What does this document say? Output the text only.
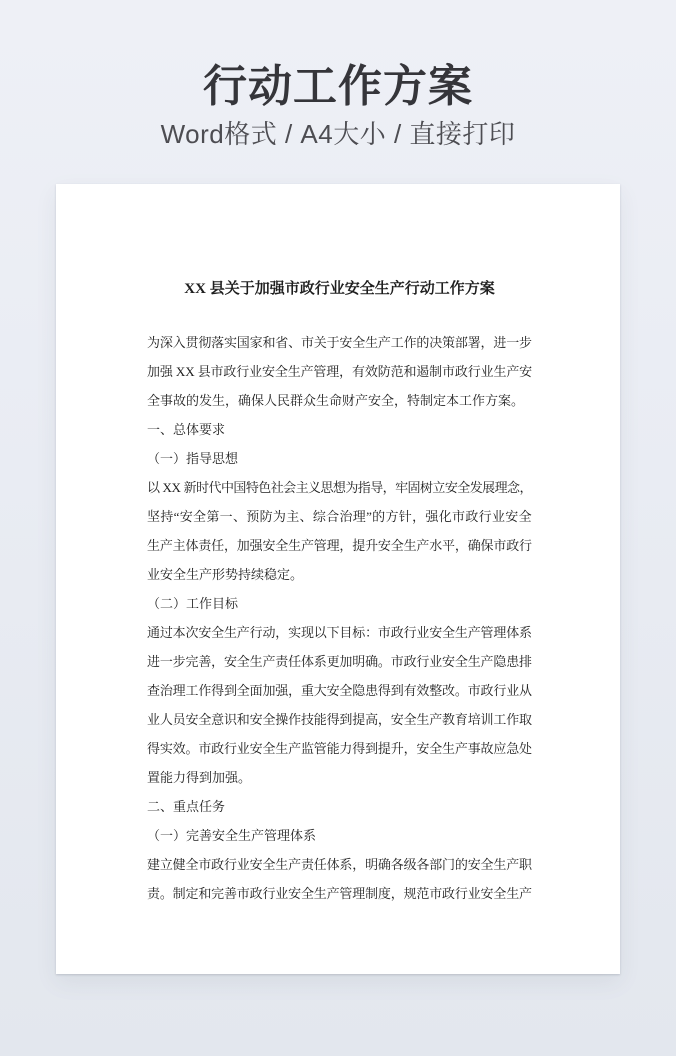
行动工作方案
Word格式 / A4大小 / 直接打印
XX 县关于加强市政行业安全生产行动工作方案
为 深 入 贯 彻 落 实 国 家 和 省 、 市 关 于 安 全 生 产 工 作 的 决 策 部 署 ， 进 一 步
加 强
X X
县 市 政 行 业 安 全 生 产 管 理 ， 有 效 防 范 和 遏 制 市 政 行 业 生 产 安
全事故的发生，确保人民群众生命财产安全，特制定本工作方案。
一、总体要求
（一）指导思想
以
X X
新 时 代 中 国 特 色 社 会 主 义 思 想 为 指 导 ， 牢 固 树 立 安 全 发 展 理 念 ，
坚 持 “ 安 全 第 一 、 预 防 为 主 、 综 合 治 理 ” 的 方 针 ， 强 化 市 政 行 业 安 全
生 产 主 体 责 任 ， 加 强 安 全 生 产 管 理 ， 提 升 安 全 生 产 水 平 ， 确 保 市 政 行
业安全生产形势持续稳定。
（二）工作目标
通 过 本 次 安 全 生 产 行 动 ， 实 现 以 下 目 标 ： 市 政 行 业 安 全 生 产 管 理 体 系
进 一 步 完 善 ， 安 全 生 产 责 任 体 系 更 加 明 确 。 市 政 行 业 安 全 生 产 隐 患 排
查 治 理 工 作 得 到 全 面 加 强 ， 重 大 安 全 隐 患 得 到 有 效 整 改 。 市 政 行 业 从
业 人 员 安 全 意 识 和 安 全 操 作 技 能 得 到 提 高 ， 安 全 生 产 教 育 培 训 工 作 取
得 实 效 。 市 政 行 业 安 全 生 产 监 管 能 力 得 到 提 升 ， 安 全 生 产 事 故 应 急 处
置能力得到加强。
二、重点任务
（一）完善安全生产管理体系
建 立 健 全 市 政 行 业 安 全 生 产 责 任 体 系 ， 明 确 各 级 各 部 门 的 安 全 生 产 职
责 。 制 定 和 完 善 市 政 行 业 安 全 生 产 管 理 制 度 ， 规 范 市 政 行 业 安 全 生 产
